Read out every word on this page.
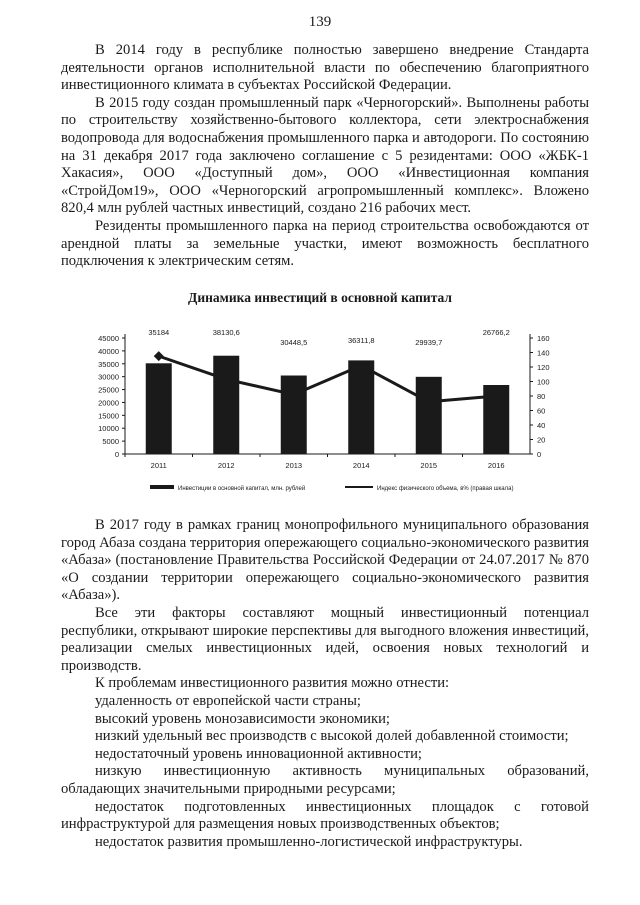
139

В 2014 году в республике полностью завершено внедрение Стандарта деятельности органов исполнительной власти по обеспечению благоприятного инвестиционного климата в субъектах Российской Федерации.

В 2015 году создан промышленный парк «Черногорский». Выполнены работы по строительству хозяйственно-бытового коллектора, сети электроснабжения водопровода для водоснабжения промышленного парка и автодороги. По состоянию на 31 декабря 2017 года заключено соглашение с 5 резидентами: ООО «ЖБК-1 Хакасия», ООО «Доступный дом», ООО «Инвестиционная компания «СтройДом19», ООО «Черногорский агропромышленный комплекс». Вложено 820,4 млн рублей частных инвестиций, создано 216 рабочих мест.

Резиденты промышленного парка на период строительства освобождаются от арендной платы за земельные участки, имеют возможность бесплатного подключения к электрическим сетям.

Динамика инвестиций в основной капитал
0
5000
10000
15000
20000
25000
30000
35000
40000
45000
0
20
40
60
80
100
120
140
160
35184
2011
38130,6
2012
30448,5
2013
36311,8
2014
29939,7
2015
26766,2
2016
Инвестиции в основной капитал, млн. рублей	Индекс физического объема, в% (правая шкала)

В 2017 году в рамках границ монопрофильного муниципального образования город Абаза создана территория опережающего социально-экономического развития «Абаза» (постановление Правительства Российской Федерации от 24.07.2017 № 870 «О создании территории опережающего социально-экономического развития «Абаза»).

Все эти факторы составляют мощный инвестиционный потенциал республики, открывают широкие перспективы для выгодного вложения инвестиций, реализации смелых инвестиционных идей, освоения новых технологий и производств.

К проблемам инвестиционного развития можно отнести:

удаленность от европейской части страны;

высокий уровень монозависимости экономики;

низкий удельный вес производств с высокой долей добавленной стоимости;

недостаточный уровень инновационной активности;

низкую инвестиционную активность муниципальных образований, обладающих значительными природными ресурсами;

недостаток подготовленных инвестиционных площадок с готовой инфраструктурой для размещения новых производственных объектов;

недостаток развития промышленно-логистической инфраструктуры.
